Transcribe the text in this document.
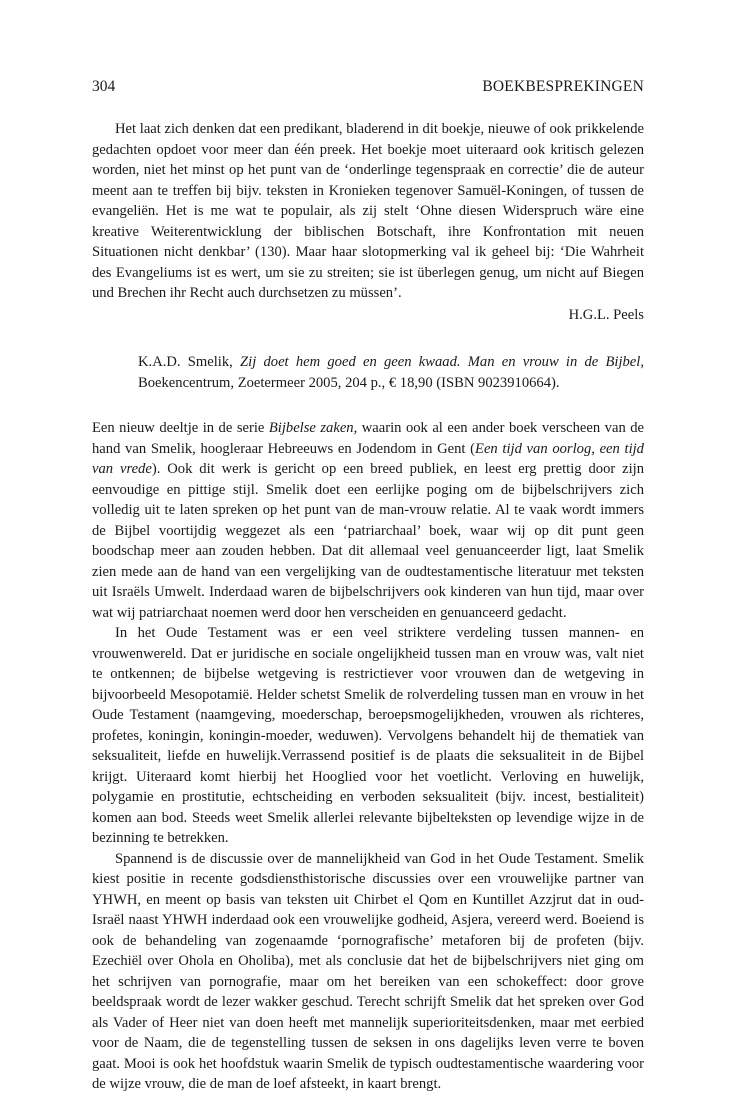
304	BOEKBESPREKINGEN

Het laat zich denken dat een predikant, bladerend in dit boekje, nieuwe of ook prikkelende gedachten opdoet voor meer dan één preek. Het boekje moet uiteraard ook kritisch gelezen worden, niet het minst op het punt van de ‘onderlinge tegenspraak en correctie’ die de auteur meent aan te treffen bij bijv. teksten in Kronieken tegenover Samuël-Koningen, of tussen de evangeliën. Het is me wat te populair, als zij stelt ‘Ohne diesen Widerspruch wäre eine kreative Weiterentwicklung der biblischen Botschaft, ihre Konfrontation mit neuen Situationen nicht denkbar’ (130). Maar haar slotopmerking val ik geheel bij: ‘Die Wahrheit des Evangeliums ist es wert, um sie zu streiten; sie ist überlegen genug, um nicht auf Biegen und Brechen ihr Recht auch durchsetzen zu müssen’.

H.G.L. Peels

K.A.D. Smelik, Zij doet hem goed en geen kwaad. Man en vrouw in de Bijbel, Boekencentrum, Zoetermeer 2005, 204 p., € 18,90 (ISBN 9023910664).

Een nieuw deeltje in de serie Bijbelse zaken, waarin ook al een ander boek verscheen van de hand van Smelik, hoogleraar Hebreeuws en Jodendom in Gent (Een tijd van oorlog, een tijd van vrede). Ook dit werk is gericht op een breed publiek, en leest erg prettig door zijn eenvoudige en pittige stijl. Smelik doet een eerlijke poging om de bijbelschrijvers zich volledig uit te laten spreken op het punt van de man-vrouw relatie. Al te vaak wordt immers de Bijbel voortijdig weggezet als een ‘patriarchaal’ boek, waar wij op dit punt geen boodschap meer aan zouden hebben. Dat dit allemaal veel genuanceerder ligt, laat Smelik zien mede aan de hand van een vergelijking van de oudtestamentische literatuur met teksten uit Israëls Umwelt. Inderdaad waren de bijbelschrijvers ook kinderen van hun tijd, maar over wat wij patriarchaat noemen werd door hen verscheiden en genuanceerd gedacht.

In het Oude Testament was er een veel striktere verdeling tussen mannen- en vrouwenwereld. Dat er juridische en sociale ongelijkheid tussen man en vrouw was, valt niet te ontkennen; de bijbelse wetgeving is restrictiever voor vrouwen dan de wetgeving in bijvoorbeeld Mesopotamië. Helder schetst Smelik de rolverdeling tussen man en vrouw in het Oude Testament (naamgeving, moederschap, beroepsmogelijkheden, vrouwen als richteres, profetes, koningin, koningin-moeder, weduwen). Vervolgens behandelt hij de thematiek van seksualiteit, liefde en huwelijk.Verrassend positief is de plaats die seksualiteit in de Bijbel krijgt. Uiteraard komt hierbij het Hooglied voor het voetlicht. Verloving en huwelijk, polygamie en prostitutie, echtscheiding en verboden seksualiteit (bijv. incest, bestialiteit) komen aan bod. Steeds weet Smelik allerlei relevante bijbelteksten op levendige wijze in de bezinning te betrekken.

Spannend is de discussie over de mannelijkheid van God in het Oude Testament. Smelik kiest positie in recente godsdiensthistorische discussies over een vrouwelijke partner van YHWH, en meent op basis van teksten uit Chirbet el Qom en Kuntillet Azzjrut dat in oud-Israël naast YHWH inderdaad ook een vrouwelijke godheid, Asjera, vereerd werd. Boeiend is ook de behandeling van zogenaamde ‘pornografische’ metaforen bij de profeten (bijv. Ezechiël over Ohola en Oholiba), met als conclusie dat het de bijbelschrijvers niet ging om het schrijven van pornografie, maar om het bereiken van een schokeffect: door grove beeldspraak wordt de lezer wakker geschud. Terecht schrijft Smelik dat het spreken over God als Vader of Heer niet van doen heeft met mannelijk superioriteitsdenken, maar met eerbied voor de Naam, die de tegenstelling tussen de seksen in ons dagelijks leven verre te boven gaat. Mooi is ook het hoofdstuk waarin Smelik de typisch oudtestamentische waardering voor de wijze vrouw, die de man de loef afsteekt, in kaart brengt.
